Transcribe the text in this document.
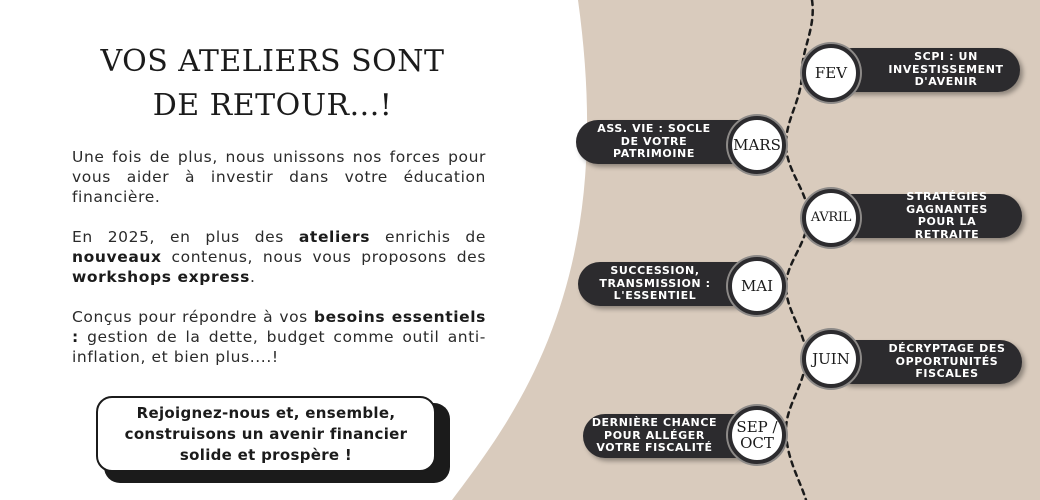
VOS ATELIERS SONT
DE RETOUR...!

Une fois de plus, nous unissons nos forces pour vous aider à investir dans votre éducation financière.

En 2025, en plus des ateliers enrichis de nouveaux contenus, nous vous proposons des workshops express.

Conçus pour répondre à vos besoins essentiels : gestion de la dette, budget comme outil anti-inflation, et bien plus....!

Rejoignez-nous et, ensemble, construisons un avenir financier solide et prospère !
SCPI : UN INVESTISSEMENT D'AVENIR
FEV
ASS. VIE : SOCLE DE VOTRE PATRIMOINE	MARS
STRATÉGIES GAGNANTES POUR LA RETRAITE
AVRIL
SUCCESSION, TRANSMISSION : L'ESSENTIEL
MAI
DÉCRYPTAGE DES OPPORTUNITÉS FISCALES
JUIN
DERNIÈRE CHANCE POUR ALLÉGER VOTRE FISCALITÉ
SEP / OCT
